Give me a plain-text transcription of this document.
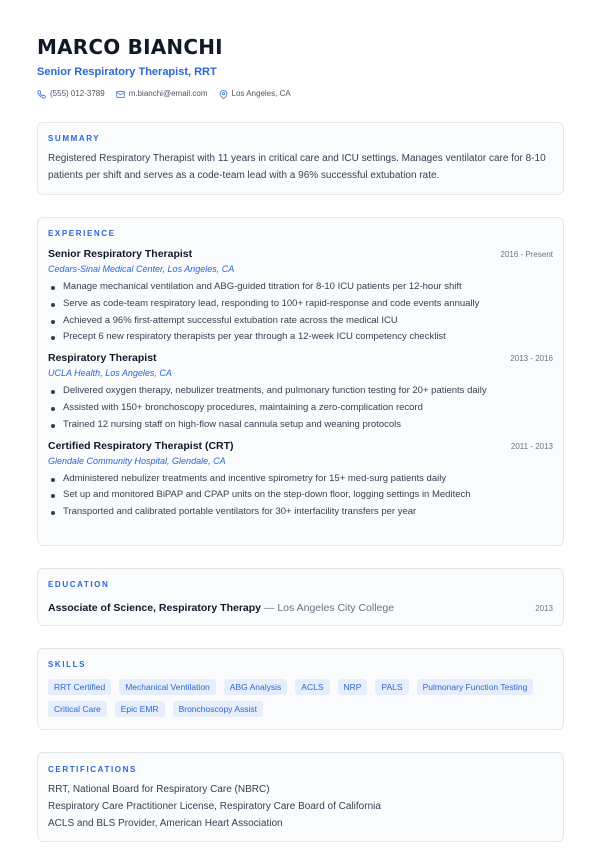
MARCO BIANCHI
Senior Respiratory Therapist, RRT
(555) 012-3789	m.bianchi@email.com	Los Angeles, CA
SUMMARY
Registered Respiratory Therapist with 11 years in critical care and ICU settings. Manages ventilator care for 8-10 patients per shift and serves as a code-team lead with a 96% successful extubation rate.
EXPERIENCE
Senior Respiratory Therapist	2016 - Present
Cedars-Sinai Medical Center, Los Angeles, CA
Manage mechanical ventilation and ABG-guided titration for 8-10 ICU patients per 12-hour shift
Serve as code-team respiratory lead, responding to 100+ rapid-response and code events annually
Achieved a 96% first-attempt successful extubation rate across the medical ICU
Precept 6 new respiratory therapists per year through a 12-week ICU competency checklist
Respiratory Therapist	2013 - 2016
UCLA Health, Los Angeles, CA
Delivered oxygen therapy, nebulizer treatments, and pulmonary function testing for 20+ patients daily
Assisted with 150+ bronchoscopy procedures, maintaining a zero-complication record
Trained 12 nursing staff on high-flow nasal cannula setup and weaning protocols
Certified Respiratory Therapist (CRT)	2011 - 2013
Glendale Community Hospital, Glendale, CA
Administered nebulizer treatments and incentive spirometry for 15+ med-surg patients daily
Set up and monitored BiPAP and CPAP units on the step-down floor, logging settings in Meditech
Transported and calibrated portable ventilators for 30+ interfacility transfers per year
EDUCATION
Associate of Science, Respiratory Therapy — Los Angeles City College	2013
SKILLS
RRT Certified	Mechanical Ventilation	ABG Analysis	ACLS	NRP	PALS	Pulmonary Function Testing
Critical Care	Epic EMR	Bronchoscopy Assist
CERTIFICATIONS
RRT, National Board for Respiratory Care (NBRC)
Respiratory Care Practitioner License, Respiratory Care Board of California
ACLS and BLS Provider, American Heart Association
